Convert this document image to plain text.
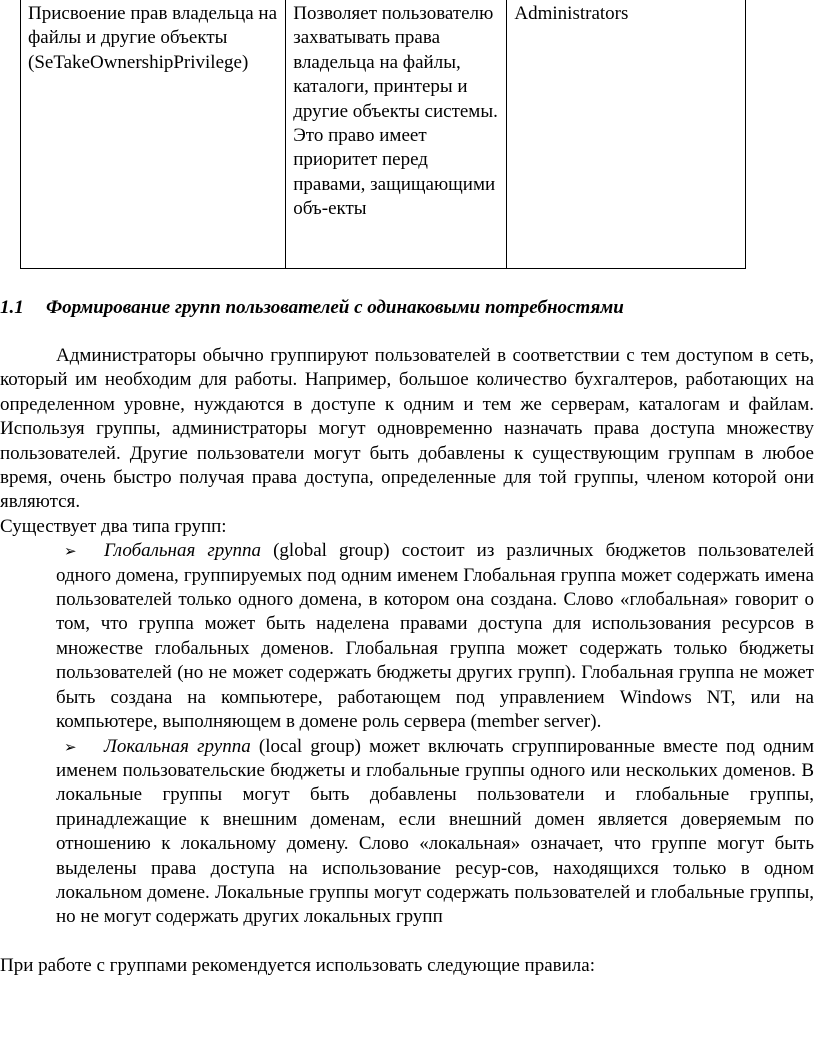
Присвоение прав владельца на файлы и другие объекты (SeTakeOwnershipPrivilege)	Позволяет пользователю захватывать права владельца на файлы, каталоги, принтеры и другие объекты системы. Это право имеет приоритет перед правами, защищающими объ-екты	Administrators
1.1 Формирование групп пользователей с одинаковыми потребностями

Администраторы обычно группируют пользователей в соответствии с тем доступом в сеть, который им необходим для работы. Например, большое количество бухгалтеров, работающих на определенном уровне, нуждаются в доступе к одним и тем же серверам, каталогам и файлам. Используя группы, администраторы могут одновременно назначать права доступа множеству пользователей. Другие пользователи могут быть добавлены к существующим группам в любое время, очень быстро получая права доступа, определенные для той группы, членом которой они являются.

Существует два типа групп:

➢	Глобальная группа (global group) состоит из различных бюджетов пользователей одного домена, группируемых под одним именем Глобальная группа может содержать имена пользователей только одного домена, в котором она создана. Слово «глобальная» говорит о том, что группа может быть наделена правами доступа для использования ресурсов в множестве глобальных доменов. Глобальная группа может содержать только бюджеты пользователей (но не может содержать бюджеты других групп). Глобальная группа не может быть создана на компьютере, работающем под управлением Windows NT, или на компьютере, выполняющем в домене роль сервера (member server).

➢	Локальная группа (local group) может включать сгруппированные вместе под одним именем пользовательские бюджеты и глобальные группы одного или нескольких доменов. В локальные группы могут быть добавлены пользователи и глобальные группы, принадлежащие к внешним доменам, если внешний домен является доверяемым по отношению к локальному домену. Слово «локальная» означает, что группе могут быть выделены права доступа на использование ресур-сов, находящихся только в одном локальном домене. Локальные группы могут содержать пользователей и глобальные группы, но не могут содержать других локальных групп

При работе с группами рекомендуется использовать следующие правила:
